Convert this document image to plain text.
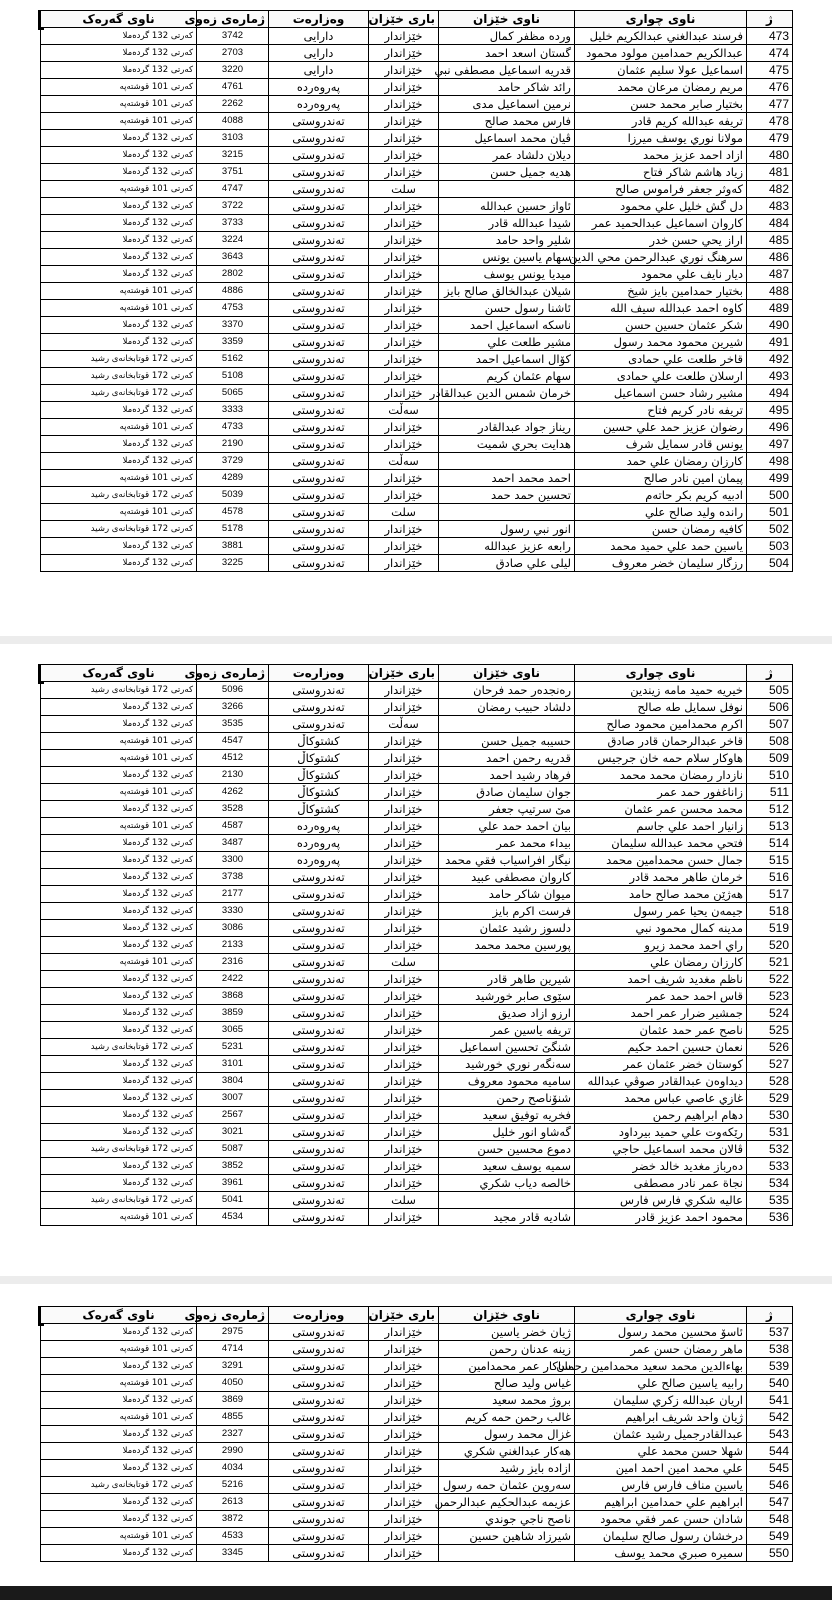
ژ	ناوی چواری	ناوی خێزان	باری خێزان	وەزارەت	ژمارەی زەوی	ناوی گەرەک
473	فرسند عبدالغني عبدالكريم خليل	وردە مظفر كمال	خێزاندار	دارایی	3742	كەرتی 132 گردەملا
474	عبدالكريم حمدامين مولود محمود	گستان اسعد احمد	خێزاندار	دارایی	2703	كەرتی 132 گردەملا
475	اسماعيل عولا سليم عثمان	قدريە اسماعيل مصطفى نبي	خێزاندار	دارایی	3220	كەرتی 132 گردەملا
476	مريم رمضان مرعان محمد	رائد شاكر حامد	خێزاندار	پەروەردە	4761	كەرتی 101 قوشتەپە
477	بختيار صابر محمد حسن	نرمين اسماعيل مدى	خێزاندار	پەروەردە	2262	كەرتی 101 قوشتەپە
478	تريفه عبدالله كريم قادر	فارس محمد صالح	خێزاندار	تەندروستی	4088	كەرتی 101 قوشتەپە
479	مولانا نوري يوسف ميرزا	ڤيان محمد اسماعيل	خێزاندار	تەندروستی	3103	كەرتی 132 گردەملا
480	ازاد احمد عزيز محمد	ديلان دلشاد عمر	خێزاندار	تەندروستی	3215	كەرتی 132 گردەملا
481	زياد هاشم شاكر فتاح	هديە جميل حسن	خێزاندار	تەندروستی	3751	كەرتی 132 گردەملا
482	كەوثر جعفر فراموس صالح		سلت	تەندروستی	4747	كەرتی 101 قوشتەپە
483	دل گش خليل علي محمود	ئاواز حسين عبدالله	خێزاندار	تەندروستی	3722	كەرتی 132 گردەملا
484	كاروان اسماعيل عبدالحميد عمر	شيدا عبدالله قادر	خێزاندار	تەندروستی	3733	كەرتی 132 گردەملا
485	اراز يحي حسن خدر	شلير واحد حامد	خێزاندار	تەندروستی	3224	كەرتی 132 گردەملا
486	سرهنگ نوري عبدالرحمن محي الدين	سهام ياسين يونس	خێزاندار	تەندروستی	3643	كەرتی 132 گردەملا
487	ديار نايف علي محمود	ميديا يونس يوسف	خێزاندار	تەندروستی	2802	كەرتی 132 گردەملا
488	بختيار حمدامين بايز شيخ	شيلان عبدالخالق صالح بايز	خێزاندار	تەندروستی	4886	كەرتی 101 قوشتەپە
489	كاوه احمد عبدالله سيف الله	ئاشنا رسول حسن	خێزاندار	تەندروستی	4753	كەرتی 101 قوشتەپە
490	شكر عثمان حسين حسن	ناسكه اسماعيل احمد	خێزاندار	تەندروستی	3370	كەرتی 132 گردەملا
491	شيرين محمود محمد رسول	مشير طلعت علي	خێزاندار	تەندروستی	3359	كەرتی 132 گردەملا
492	قاخر طلعت علي حمادى	كۆال اسماعيل احمد	خێزاندار	تەندروستی	5162	كەرتی 172 قوتابخانەی رشید
493	ارسلان طلعت علي حمادى	سهام عثمان كريم	خێزاندار	تەندروستی	5108	كەرتی 172 قوتابخانەی رشید
494	مشير رشاد حسن اسماعيل	خرمان شمس الدين عبدالقادر	خێزاندار	تەندروستی	5065	كەرتی 172 قوتابخانەی رشید
495	تريفه نادر كريم فتاح		سەڵت	تەندروستی	3333	كەرتی 132 گردەملا
496	رضوان عزيز حمد علي حسين	ريناز جواد عبدالقادر	خێزاندار	تەندروستی	4733	كەرتی 101 قوشتەپە
497	يونس قادر سمايل شرف	هدايت بحري شميت	خێزاندار	تەندروستی	2190	كەرتی 132 گردەملا
498	كارزان رمضان علي حمد		سەڵت	تەندروستی	3729	كەرتی 132 گردەملا
499	پيمان امين نادر صالح	احمد محمد احمد	خێزاندار	تەندروستی	4289	كەرتی 101 قوشتەپە
500	ادبيه كريم بكر حاتەم	تحسين حمد حمد	خێزاندار	تەندروستی	5039	كەرتی 172 قوتابخانەی رشید
501	رانده وليد صالح علي		سلت	تەندروستی	4578	كەرتی 101 قوشتەپە
502	كافيه رمضان حسن	انور نبي رسول	خێزاندار	تەندروستی	5178	كەرتی 172 قوتابخانەی رشید
503	ياسين حمد علي حميد محمد	رابعه عزيز عبدالله	خێزاندار	تەندروستی	3881	كەرتی 132 گردەملا
504	رزگار سليمان خضر معروف	ليلى علي صادق	خێزاندار	تەندروستی	3225	كەرتی 132 گردەملا
ژ	ناوی چواری	ناوی خێزان	باری خێزان	وەزارەت	ژمارەی زەوی	ناوی گەرەک
505	خيريه حميد مامه زيندين	رەنجدەر حمد فرحان	خێزاندار	تەندروستی	5096	كەرتی 172 قوتابخانەی رشید
506	نوفل سمايل طه صالح	دلشاد حبيب رمضان	خێزاندار	تەندروستی	3266	كەرتی 132 گردەملا
507	اكرم محمدامين محمود صالح		سەڵت	تەندروستی	3535	كەرتی 132 گردەملا
508	قاخر عبدالرحمان قادر صادق	حسيبه جميل حسن	خێزاندار	كشتوكاڵ	4547	كەرتی 101 قوشتەپە
509	هاوكار سلام حمه خان جرجيس	قدريه رحمن احمد	خێزاندار	كشتوكاڵ	4512	كەرتی 101 قوشتەپە
510	نازدار رمضان محمد محمد	فرهاد رشيد احمد	خێزاندار	كشتوكاڵ	2130	كەرتی 132 گردەملا
511	زاناغفور حمد عمر	جوان سليمان صادق	خێزاندار	كشتوكاڵ	4262	كەرتی 101 قوشتەپە
512	محمد محسن عمر عثمان	مێ سرتيپ جعفر	خێزاندار	كشتوكاڵ	3528	كەرتی 132 گردەملا
513	زانيار احمد علي جاسم	بيان احمد حمد علي	خێزاندار	پەروەردە	4587	كەرتی 101 قوشتەپە
514	فتحي محمد عبدالله سليمان	بيداء محمد عمر	خێزاندار	پەروەردە	3487	كەرتی 132 گردەملا
515	جمال حسن محمدامين محمد	نيگار افراسياب فقي محمد	خێزاندار	پەروەردە	3300	كەرتی 132 گردەملا
516	خرمان طاهر محمد قادر	كاروان مصطفى عبيد	خێزاندار	تەندروستی	3738	كەرتی 132 گردەملا
517	هەژێن محمد صالح حامد	ميوان شاكر حامد	خێزاندار	تەندروستی	2177	كەرتی 132 گردەملا
518	جيمەن يحيا عمر رسول	فرست اكرم بايز	خێزاندار	تەندروستی	3330	كەرتی 132 گردەملا
519	مدينه كمال محمود نبي	دلسوز رشيد عثمان	خێزاندار	تەندروستی	3086	كەرتی 132 گردەملا
520	راي احمد محمد زيرو	پورسين محمد محمد	خێزاندار	تەندروستی	2133	كەرتی 132 گردەملا
521	كارزان رمضان علي		سلت	تەندروستی	2316	كەرتی 101 قوشتەپە
522	ناظم مغديد شريف احمد	شيرين طاهر قادر	خێزاندار	تەندروستی	2422	كەرتی 132 گردەملا
523	قاس احمد حمد عمر	سێوی صابر خورشيد	خێزاندار	تەندروستی	3868	كەرتی 132 گردەملا
524	جمشير ضرار عمر احمد	ارزو ازاد صديق	خێزاندار	تەندروستی	3859	كەرتی 132 گردەملا
525	ناصح عمر حمد عثمان	تريفه ياسين عمر	خێزاندار	تەندروستی	3065	كەرتی 132 گردەملا
526	نعمان حسين احمد حكيم	شنگێ تحسين اسماعيل	خێزاندار	تەندروستی	5231	كەرتی 172 قوتابخانەی رشید
527	كوستان خضر عثمان عمر	سەنگەر نوري خورشيد	خێزاندار	تەندروستی	3101	كەرتی 132 گردەملا
528	ديداوەن عبدالقادر صوڤي عبدالله	ساميه محمود معروف	خێزاندار	تەندروستی	3804	كەرتی 132 گردەملا
529	غازي عاصي عباس محمد	شنۆناصح رحمن	خێزاندار	تەندروستی	3007	كەرتی 132 گردەملا
530	دهام ابراهيم رحمن	فخريه توفيق سعيد	خێزاندار	تەندروستی	2567	كەرتی 132 گردەملا
531	رێكەوت علي حميد بيرداود	گەشاو انور خليل	خێزاندار	تەندروستی	3021	كەرتی 132 گردەملا
532	ڤالان محمد اسماعيل حاجي	دموع محسين حسن	خێزاندار	تەندروستی	5087	كەرتی 172 قوتابخانەی رشید
533	دەرباز مغديد خالد خضر	سميه يوسف سعيد	خێزاندار	تەندروستی	3852	كەرتی 132 گردەملا
534	نجاة عمر نادر مصطفى	خالصه دياب شكري	خێزاندار	تەندروستی	3961	كەرتی 132 گردەملا
535	عاليه شكري فارس فارس		سلت	تەندروستی	5041	كەرتی 172 قوتابخانەی رشید
536	محمود احمد عزيز قادر	شاديه قادر مجيد	خێزاندار	تەندروستی	4534	كەرتی 101 قوشتەپە
ژ	ناوی چواری	ناوی خێزان	باری خێزان	وەزارەت	ژمارەی زەوی	ناوی گەرەک
537	ئاسۆ محسين محمد رسول	ژيان خضر ياسين	خێزاندار	تەندروستی	2975	كەرتی 132 گردەملا
538	ماهر رمضان حسن عمر	زينه عدنان رحمن	خێزاندار	تەندروستی	4714	كەرتی 101 قوشتەپە
539	بهاءالدين محمد سعيد محمدامين رحمان	ساكار عمر محمدامين	خێزاندار	تەندروستی	3291	كەرتی 132 گردەملا
540	رابيه ياسين صالح علي	غياس وليد صالح	خێزاندار	تەندروستی	4050	كەرتی 101 قوشتەپە
541	اريان عبدالله زكري سليمان	بروژ محمد سعيد	خێزاندار	تەندروستی	3869	كەرتی 132 گردەملا
542	ژيان واحد شريف ابراهيم	غالب رحمن حمه كريم	خێزاندار	تەندروستی	4855	كەرتی 101 قوشتەپە
543	عبدالقادرجميل رشيد عثمان	غزال محمد رسول	خێزاندار	تەندروستی	2327	كەرتی 132 گردەملا
544	شهلا حسن محمد علي	هەكار عبدالغني شكري	خێزاندار	تەندروستی	2990	كەرتی 132 گردەملا
545	علي محمد امين احمد امين	ازاده بايز رشيد	خێزاندار	تەندروستی	4034	كەرتی 132 گردەملا
546	ياسين مناف فارس فارس	سەروين عثمان حمه رسول	خێزاندار	تەندروستی	5216	كەرتی 172 قوتابخانەی رشید
547	ابراهيم علي حمدامين ابراهيم	عزيمه عبدالحكيم عبدالرحمن	خێزاندار	تەندروستی	2613	كەرتی 132 گردەملا
548	شادان حسن عمر فقي محمود	ناصح ناجي جوندي	خێزاندار	تەندروستی	3872	كەرتی 132 گردەملا
549	درخشان رسول صالح سليمان	شيرزاد شاهين حسين	خێزاندار	تەندروستی	4533	كەرتی 101 قوشتەپە
550	سميرە صبري محمد يوسف		خێزاندار	تەندروستی	3345	كەرتی 132 گردەملا
